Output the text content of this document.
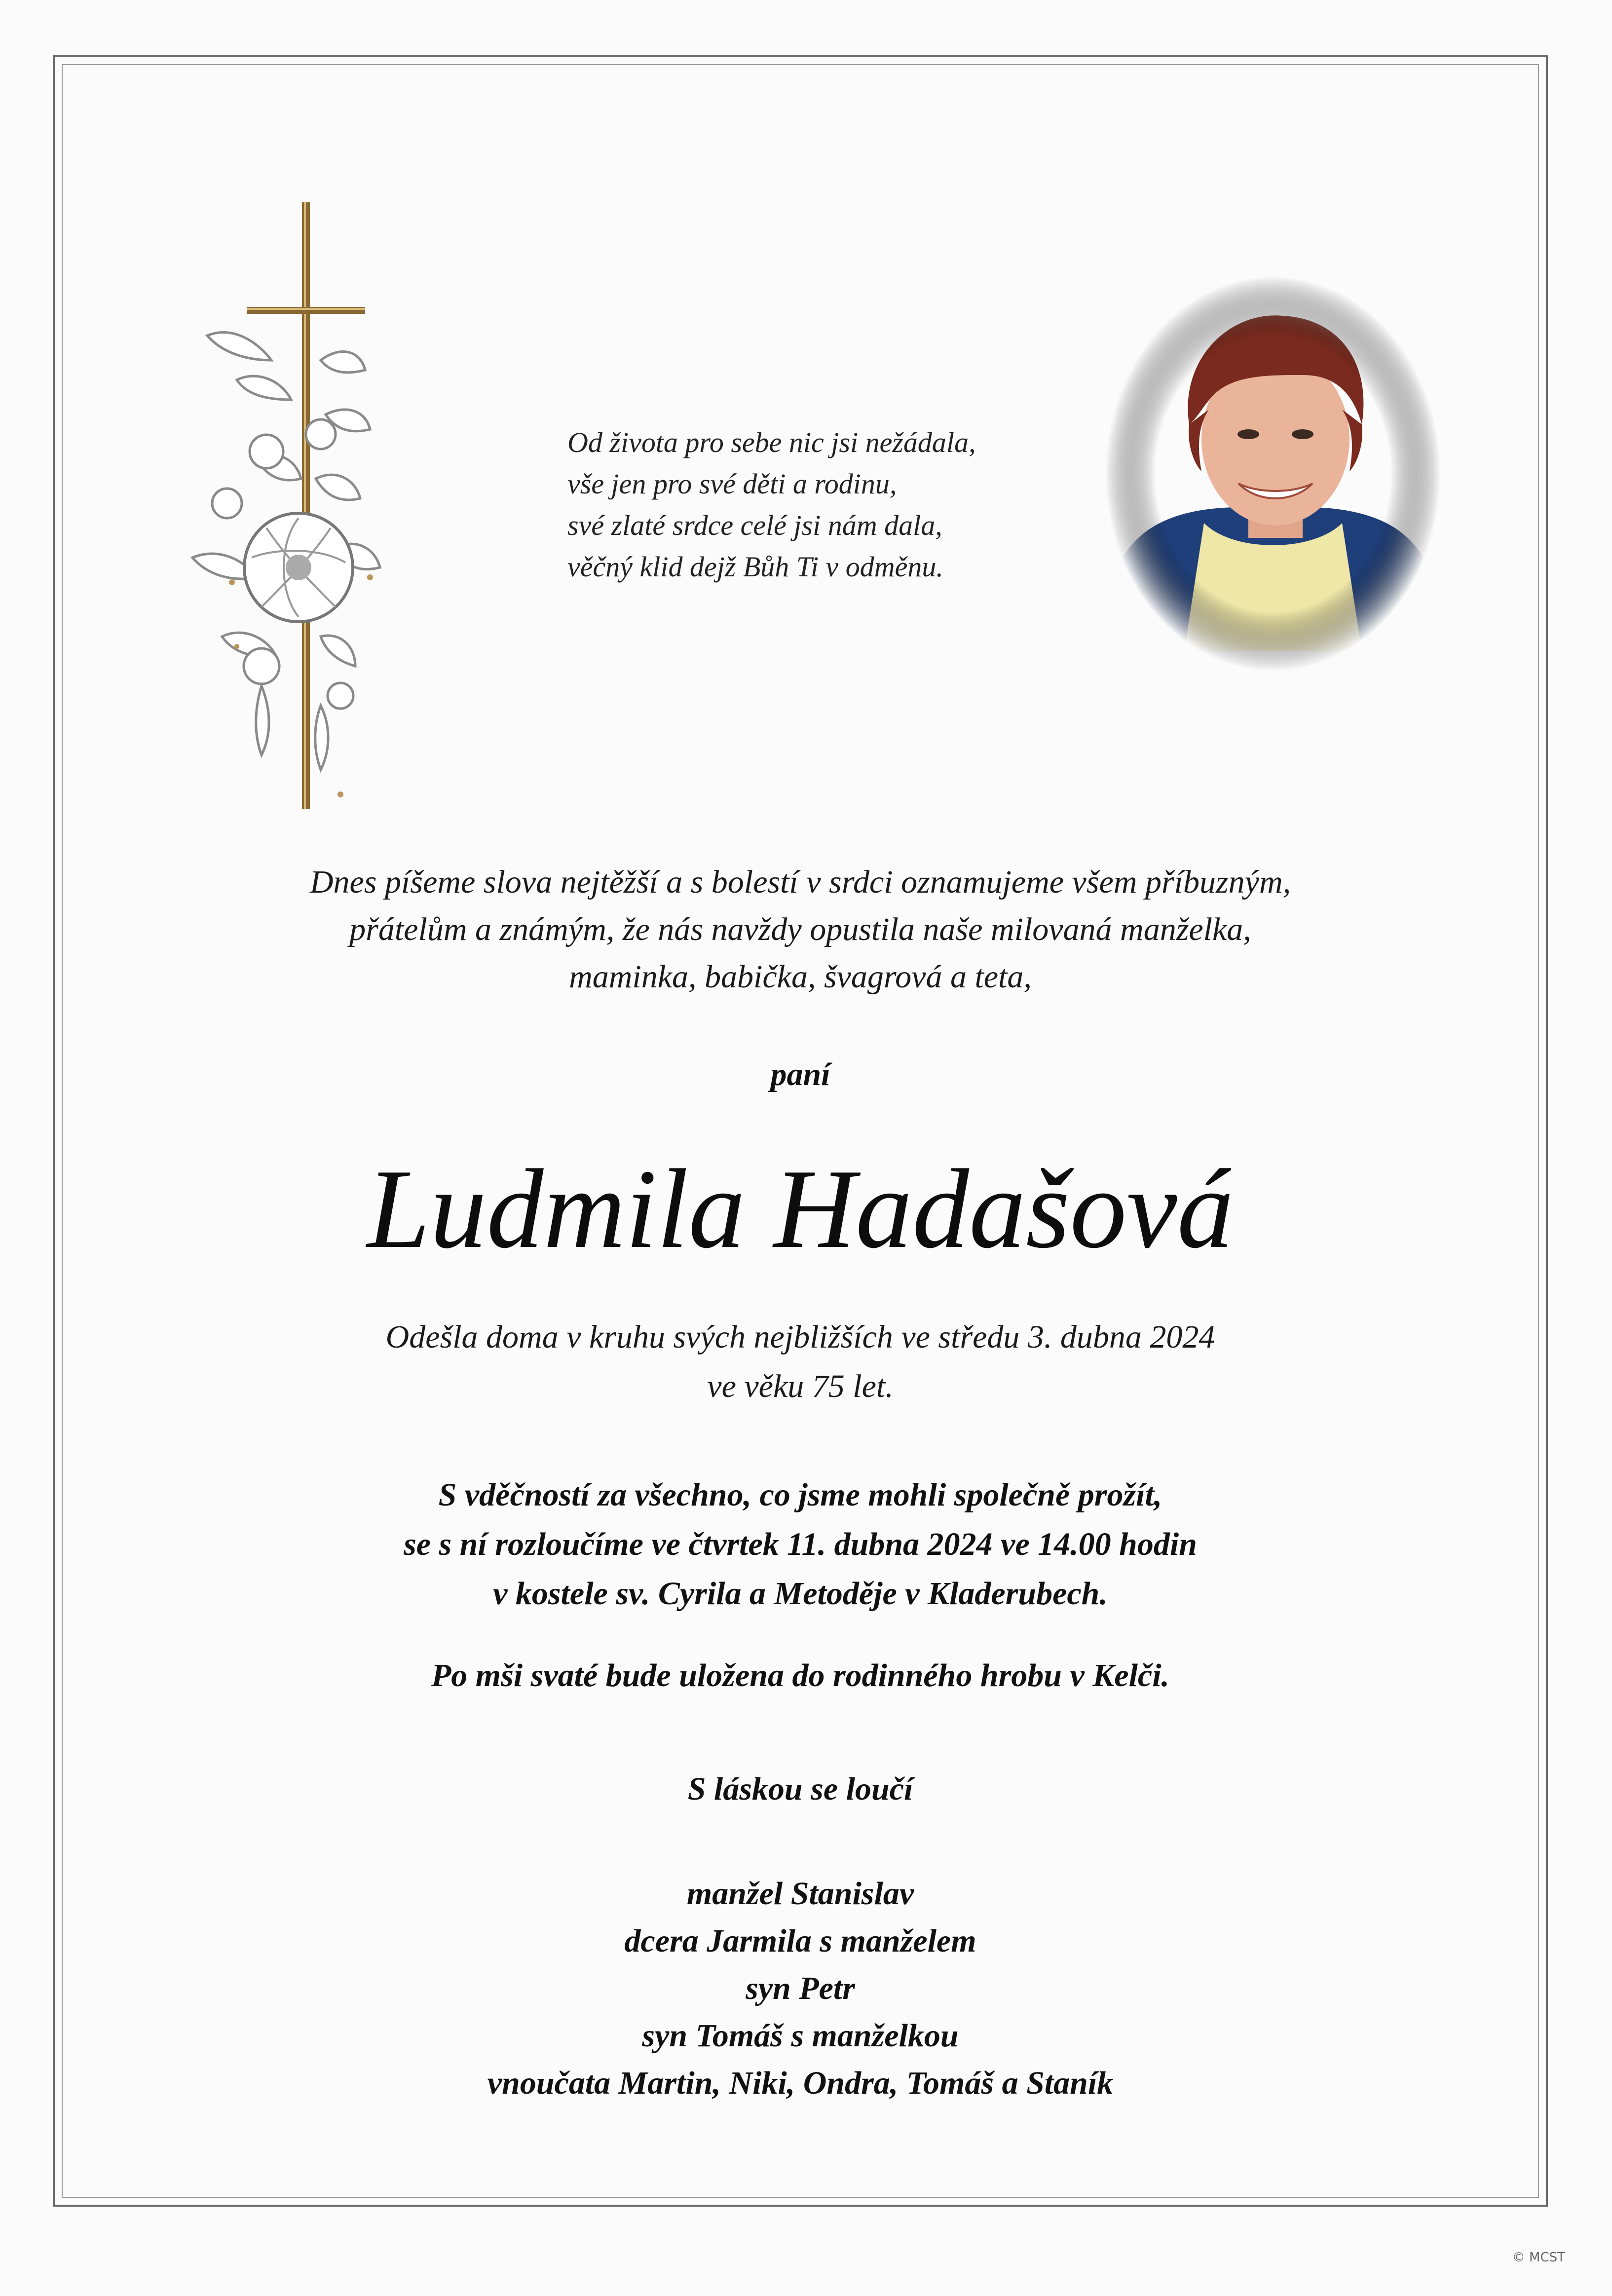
Od života pro sebe nic jsi nežádala,
vše jen pro své děti a rodinu,
své zlaté srdce celé jsi nám dala,
věčný klid dejž Bůh Ti v odměnu.
Dnes píšeme slova nejtěžší a s bolestí v srdci oznamujeme všem příbuzným,
přátelům a známým, že nás navždy opustila naše milovaná manželka,
maminka, babička, švagrová a teta,
paní
Ludmila Hadašová
Odešla doma v kruhu svých nejbližších ve středu 3. dubna 2024
ve věku 75 let.
S vděčností za všechno, co jsme mohli společně prožít,
se s ní rozloučíme ve čtvrtek 11. dubna 2024 ve 14.00 hodin
v kostele sv. Cyrila a Metoděje v Kladerubech.
Po mši svaté bude uložena do rodinného hrobu v Kelči.
S láskou se loučí
manžel Stanislav
dcera Jarmila s manželem
syn Petr
syn Tomáš s manželkou
vnoučata Martin, Niki, Ondra, Tomáš a Staník
© MCST
